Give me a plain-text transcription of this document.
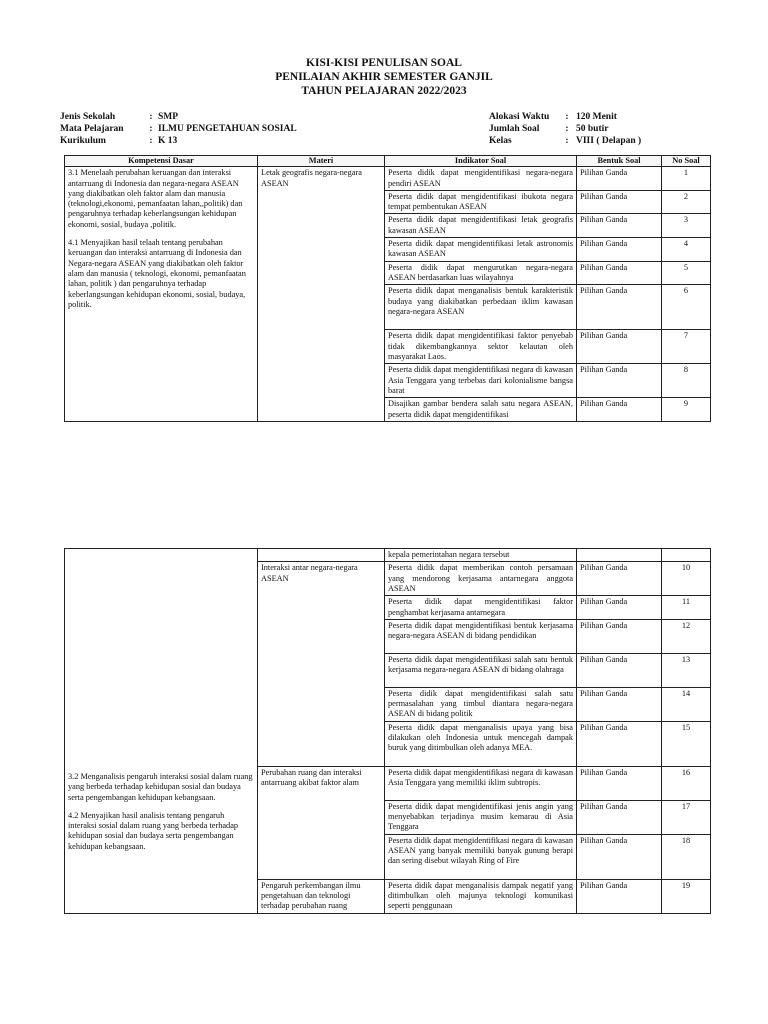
KISI-KISI PENULISAN SOAL
PENILAIAN AKHIR SEMESTER GANJIL
TAHUN PELAJARAN 2022/2023
Jenis Sekolah	: SMP
Mata Pelajaran	: ILMU PENGETAHUAN SOSIAL
Kurikulum	: K 13
Alokasi Waktu	: 120 Menit
Jumlah Soal	: 50 butir
Kelas	: VIII ( Delapan )
Kompetensi Dasar	Materi	Indikator Soal	Bentuk Soal	No Soal

3.1 Menelaah perubahan keruangan dan interaksi antarruang di Indonesia dan negara-negara ASEAN yang diakibatkan oleh faktor alam dan manusia (teknologi,ekonomi, pemanfaatan lahan,,politik) dan pengaruhnya terhadap keberlangsungan kehidupan ekonomi, sosial, budaya ,politik.

4.1 Menyajikan hasil telaah tentang perubahan keruangan dan interaksi antarruang di Indonesia dan Negara-negara ASEAN yang diakibatkan oleh faktor alam dan manusia ( teknologi, ekonomi, pemanfaatan lahan, politik ) dan pengaruhnya terhadap keberlangsungan kehidupan ekonomi, sosial, budaya, politik.	Letak geografis negara-negara ASEAN	Peserta didik dapat mengidentifikasi negara-negara pendiri ASEAN	Pilihan Ganda	1
		Peserta didik dapat mengidentifikasi ibukota negara tempat pembentukan ASEAN	Pilihan Ganda	2
		Peserta didik dapat mengidentifikasi letak geografis kawasan ASEAN	Pilihan Ganda	3
		Peserta didik dapat mengidentifikasi letak astronomis kawasan ASEAN	Pilihan Ganda	4
		Peserta didik dapat mengurutkan negara-negara ASEAN berdasarkan luas wilayahnya	Pilihan Ganda	5
		Peserta didik dapat menganalisis bentuk karakteristik budaya yang diakibatkan perbedaan iklim kawasan negara-negara ASEAN	Pilihan Ganda	6
		Peserta didik dapat mengidentifikasi faktor penyebab tidak dikembangkannya sektor kelautan oleh masyarakat Laos.	Pilihan Ganda	7
		Peserta didik dapat mengidentifikasi negara di kawasan Asia Tenggara yang terbebas dari kolonialisme bangsa barat	Pilihan Ganda	8
		Disajikan gambar bendera salah satu negara ASEAN, peserta didik dapat mengidentifikasi	Pilihan Ganda	9

3.2 Menganalisis pengaruh interaksi sosial dalam ruang yang berbeda terhadap kehidupan sosial dan budaya serta pengembangan kehidupan kebangsaan.

4.2 Menyajikan hasil analisis tentang pengaruh interaksi sosial dalam ruang yang berbeda terhadap kehidupan sosial dan budaya serta pengembangan kehidupan kebangsaan.		kepala pemerintahan negara tersebut		
	Interaksi antar negara-negara ASEAN	Peserta didik dapat memberikan contoh persamaan yang mendorong kerjasama antarnegara anggota ASEAN	Pilihan Ganda	10
		Peserta didik dapat mengidentifikasi faktor penghambat kerjasama antarnegara	Pilihan Ganda	11
		Peserta didik dapat mengidentifikasi bentuk kerjasama negara-negara ASEAN di bidang pendidikan	Pilihan Ganda	12
		Peserta didik dapat mengidentifikasi salah satu bentuk kerjasama negara-negara ASEAN di bidang olahraga	Pilihan Ganda	13
		Peserta didik dapat mengidentifikasi salah satu permasalahan yang timbul diantara negara-negara ASEAN di bidang politik	Pilihan Ganda	14
		Peserta didik dapat menganalisis upaya yang bisa dilakukan oleh Indonesia untuk mencegah dampak buruk yang ditimbulkan oleh adanya MEA.	Pilihan Ganda	15
	Perubahan ruang dan interaksi antarruang akibat faktor alam	Peserta didik dapat mengidentifikasi negara di kawasan Asia Tenggara yang memiliki iklim subtropis.	Pilihan Ganda	16
		Peserta didik dapat mengidentifikasi jenis angin yang menyebabkan terjadinya musim kemarau di Asia Tenggara	Pilihan Ganda	17
		Peserta didik dapat mengidentifikasi negara di kawasan ASEAN yang banyak memiliki banyak gunung berapi dan sering disebut wilayah Ring of Fire	Pilihan Ganda	18
	Pengaruh perkembangan ilmu pengetahuan dan teknologi terhadap perubahan ruang	Peserta didik dapat menganalisis dampak negatif yang ditimbulkan oleh majunya teknologi komunikasi seperti penggunaan	Pilihan Ganda	19
